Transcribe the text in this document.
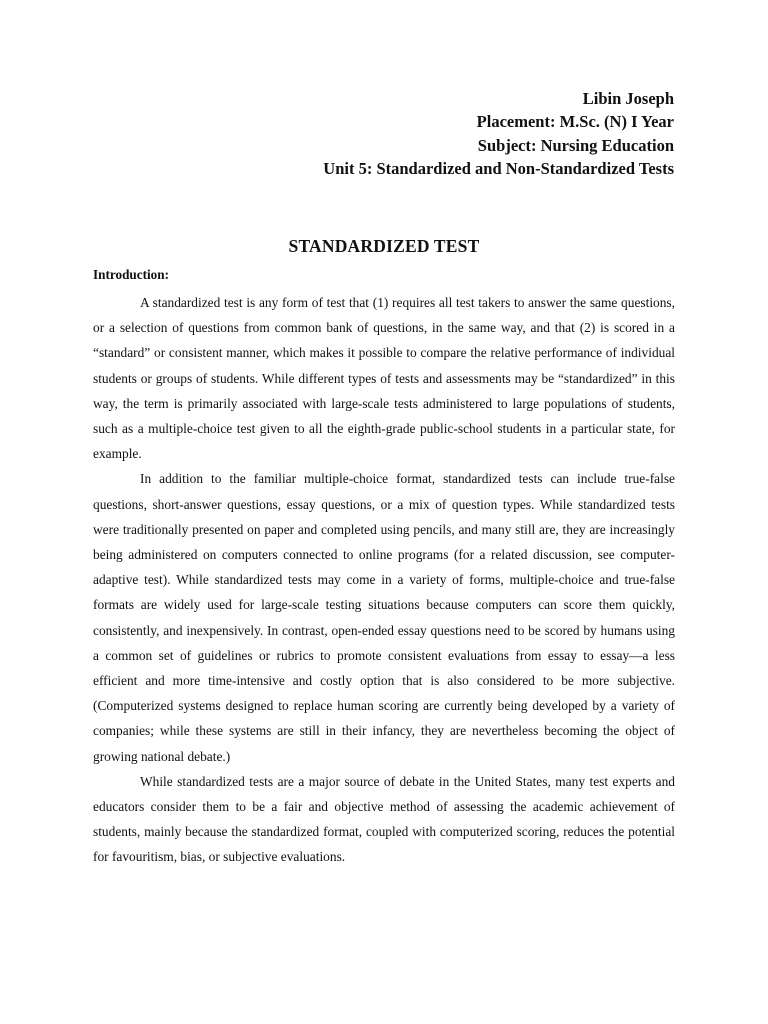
Libin Joseph
Placement: M.Sc. (N) I Year
Subject: Nursing Education
Unit 5: Standardized and Non-Standardized Tests
STANDARDIZED TEST
Introduction:

A standardized test is any form of test that (1) requires all test takers to answer the same questions, or a selection of questions from common bank of questions, in the same way, and that (2) is scored in a “standard” or consistent manner, which makes it possible to compare the relative performance of individual students or groups of students. While different types of tests and assessments may be “standardized” in this way, the term is primarily associated with large-scale tests administered to large populations of students, such as a multiple-choice test given to all the eighth-grade public-school students in a particular state, for example.

In addition to the familiar multiple-choice format, standardized tests can include true-false questions, short-answer questions, essay questions, or a mix of question types. While standardized tests were traditionally presented on paper and completed using pencils, and many still are, they are increasingly being administered on computers connected to online programs (for a related discussion, see computer-adaptive test). While standardized tests may come in a variety of forms, multiple-choice and true-false formats are widely used for large-scale testing situations because computers can score them quickly, consistently, and inexpensively. In contrast, open-ended essay questions need to be scored by humans using a common set of guidelines or rubrics to promote consistent evaluations from essay to essay—a less efficient and more time-intensive and costly option that is also considered to be more subjective. (Computerized systems designed to replace human scoring are currently being developed by a variety of companies; while these systems are still in their infancy, they are nevertheless becoming the object of growing national debate.)

While standardized tests are a major source of debate in the United States, many test experts and educators consider them to be a fair and objective method of assessing the academic achievement of students, mainly because the standardized format, coupled with computerized scoring, reduces the potential for favouritism, bias, or subjective evaluations.
